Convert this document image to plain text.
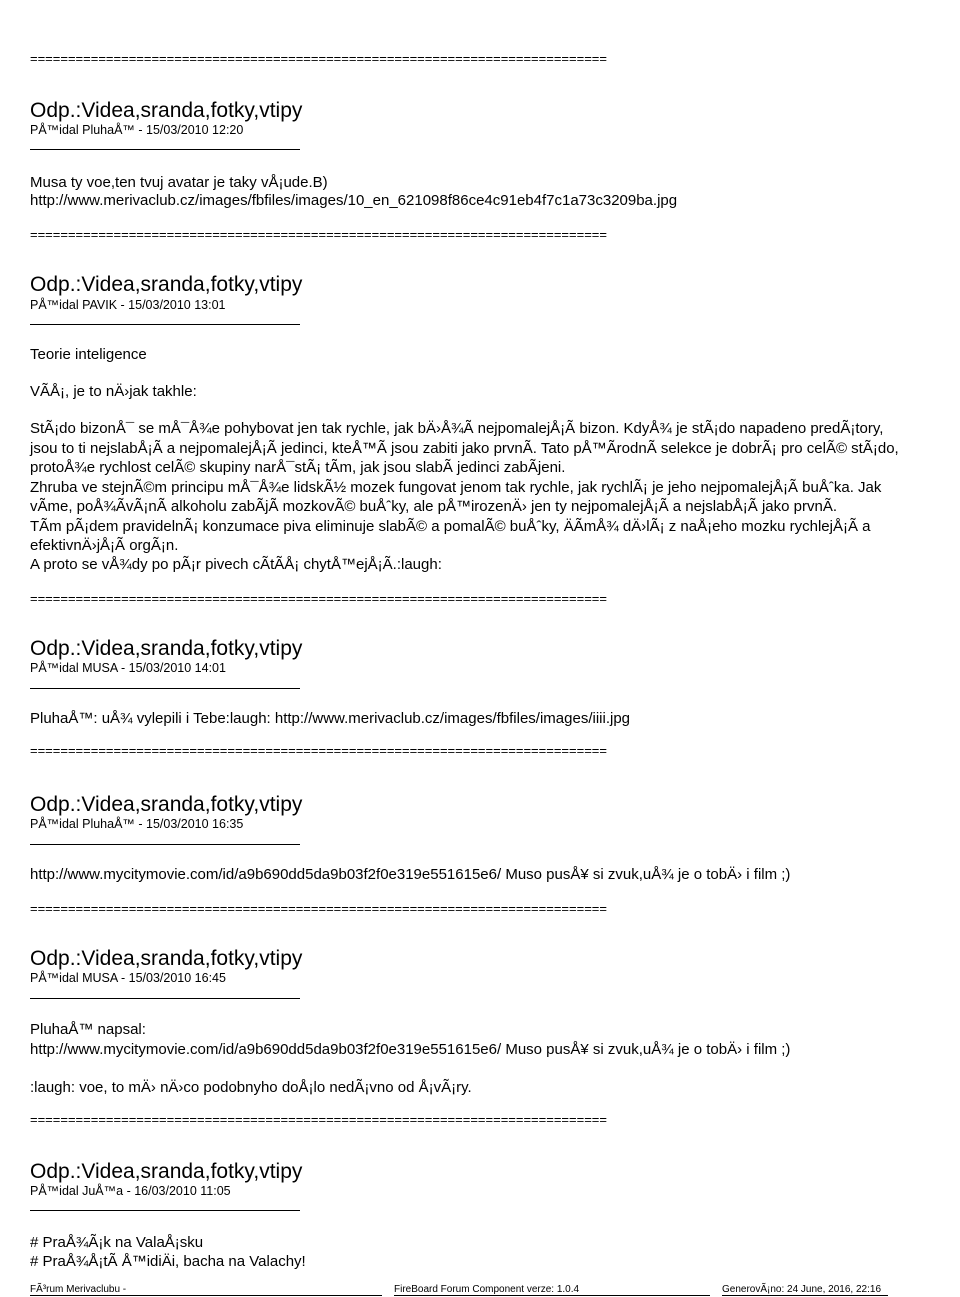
============================================================================
Odp.:Videa,sranda,fotky,vtipy
PÅ™idal PluhaÅ™ - 15/03/2010 12:20
Musa ty voe,ten tvuj avatar je taky vÅ¡ude.B)
http://www.merivaclub.cz/images/fbfiles/images/10_en_621098f86ce4c91eb4f7c1a73c3209ba.jpg
============================================================================
Odp.:Videa,sranda,fotky,vtipy
PÅ™idal PAVIK - 15/03/2010 13:01
Teorie inteligence
VÃÅ¡, je to nÄ›jak takhle:
StÃ¡do bizonÅ¯ se mÅ¯Å¾e pohybovat jen tak rychle, jak bÄ›Å¾Ã nejpomalejÅ¡Ã bizon. KdyÅ¾ je stÃ¡do napadeno predÃ¡tory,
jsou to ti nejslabÅ¡Ã a nejpomalejÅ¡Ã jedinci, kteÅ™Ã jsou zabiti jako prvnÃ. Tato pÅ™ÃrodnÃ selekce je dobrÃ¡ pro celÃ© stÃ¡do,
protoÅ¾e rychlost celÃ© skupiny narÅ¯stÃ¡ tÃm, jak jsou slabÃ jedinci zabÃjeni.
Zhruba ve stejnÃ©m principu mÅ¯Å¾e lidskÃ½ mozek fungovat jenom tak rychle, jak rychlÃ¡ je jeho nejpomalejÅ¡Ã buÅˆka. Jak
vÃme, poÅ¾ÃvÃ¡nÃ alkoholu zabÃjÃ mozkovÃ© buÅˆky, ale pÅ™irozenÄ› jen ty nejpomalejÅ¡Ã a nejslabÅ¡Ã jako prvnÃ.
TÃm pÃ¡dem pravidelnÃ¡ konzumace piva eliminuje slabÃ© a pomalÃ© buÅˆky, ÄÃmÅ¾ dÄ›lÃ¡ z naÅ¡eho mozku rychlejÅ¡Ã a
efektivnÄ›jÅ¡Ã orgÃ¡n.
A proto se vÅ¾dy po pÃ¡r pivech cÃtÃÅ¡ chytÅ™ejÅ¡Ã.:laugh:
============================================================================
Odp.:Videa,sranda,fotky,vtipy
PÅ™idal MUSA - 15/03/2010 14:01
PluhaÅ™: uÅ¾ vylepili i Tebe:laugh: http://www.merivaclub.cz/images/fbfiles/images/iiii.jpg
============================================================================
Odp.:Videa,sranda,fotky,vtipy
PÅ™idal PluhaÅ™ - 15/03/2010 16:35
http://www.mycitymovie.com/id/a9b690dd5da9b03f2f0e319e551615e6/ Muso pusÅ¥ si zvuk,uÅ¾ je o tobÄ› i film ;)
============================================================================
Odp.:Videa,sranda,fotky,vtipy
PÅ™idal MUSA - 15/03/2010 16:45
PluhaÅ™ napsal:
http://www.mycitymovie.com/id/a9b690dd5da9b03f2f0e319e551615e6/ Muso pusÅ¥ si zvuk,uÅ¾ je o tobÄ› i film ;)
:laugh: voe, to mÄ› nÄ›co podobnyho doÅ¡lo nedÃ¡vno od Å¡vÃ¡ry.
============================================================================
Odp.:Videa,sranda,fotky,vtipy
PÅ™idal JuÅ™a - 16/03/2010 11:05
# PraÅ¾Ã¡k na ValaÅ¡sku
# PraÅ¾Å¡tÃ Å™idiÄi, bacha na Valachy!
FÃ³rum Merivaclubu -	FireBoard Forum Component verze: 1.0.4	GenerovÃ¡no: 24 June, 2016, 22:16
